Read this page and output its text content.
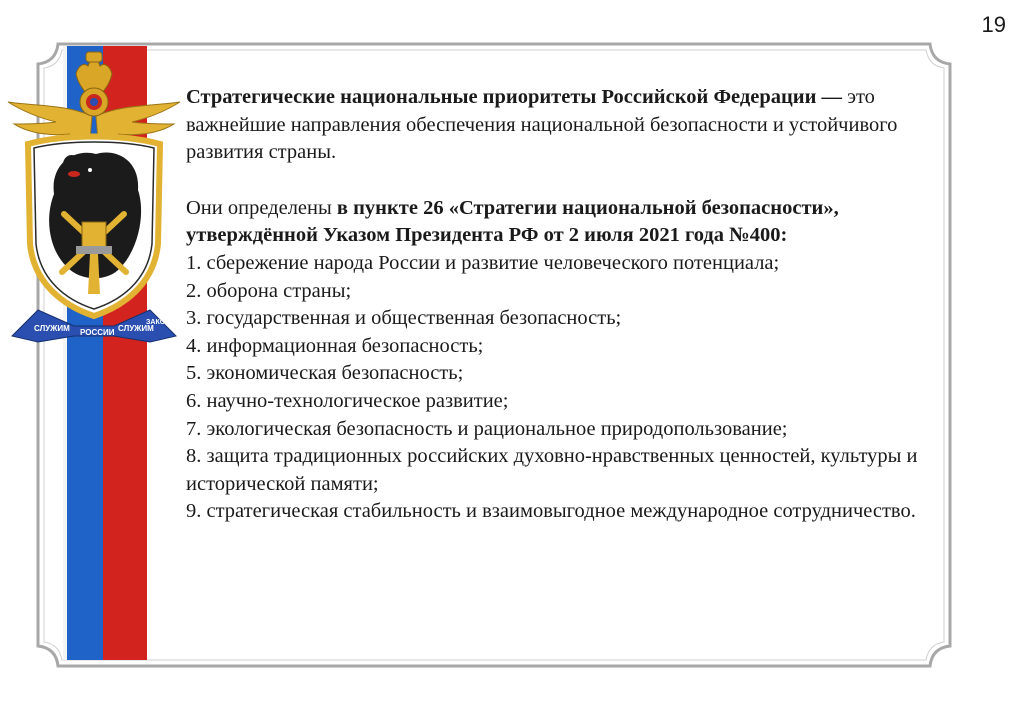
19
СЛУЖИМ РОССИИ СЛУЖИМ
ЗАКОНУ

Стратегические национальные приоритеты Российской Федерации — это важнейшие направления обеспечения национальной безопасности и устойчивого развития страны.

Они определены в пункте 26 «Стратегии национальной безопасности», утверждённой Указом Президента РФ от 2 июля 2021 года №400:

1. сбережение народа России и развитие человеческого потенциала;
2. оборона страны;
3. государственная и общественная безопасность;
4. информационная безопасность;
5. экономическая безопасность;
6. научно-технологическое развитие;
7. экологическая безопасность и рациональное природопользование;
8. защита традиционных российских духовно-нравственных ценностей, культуры и исторической памяти;
9. стратегическая стабильность и взаимовыгодное международное сотрудничество.
